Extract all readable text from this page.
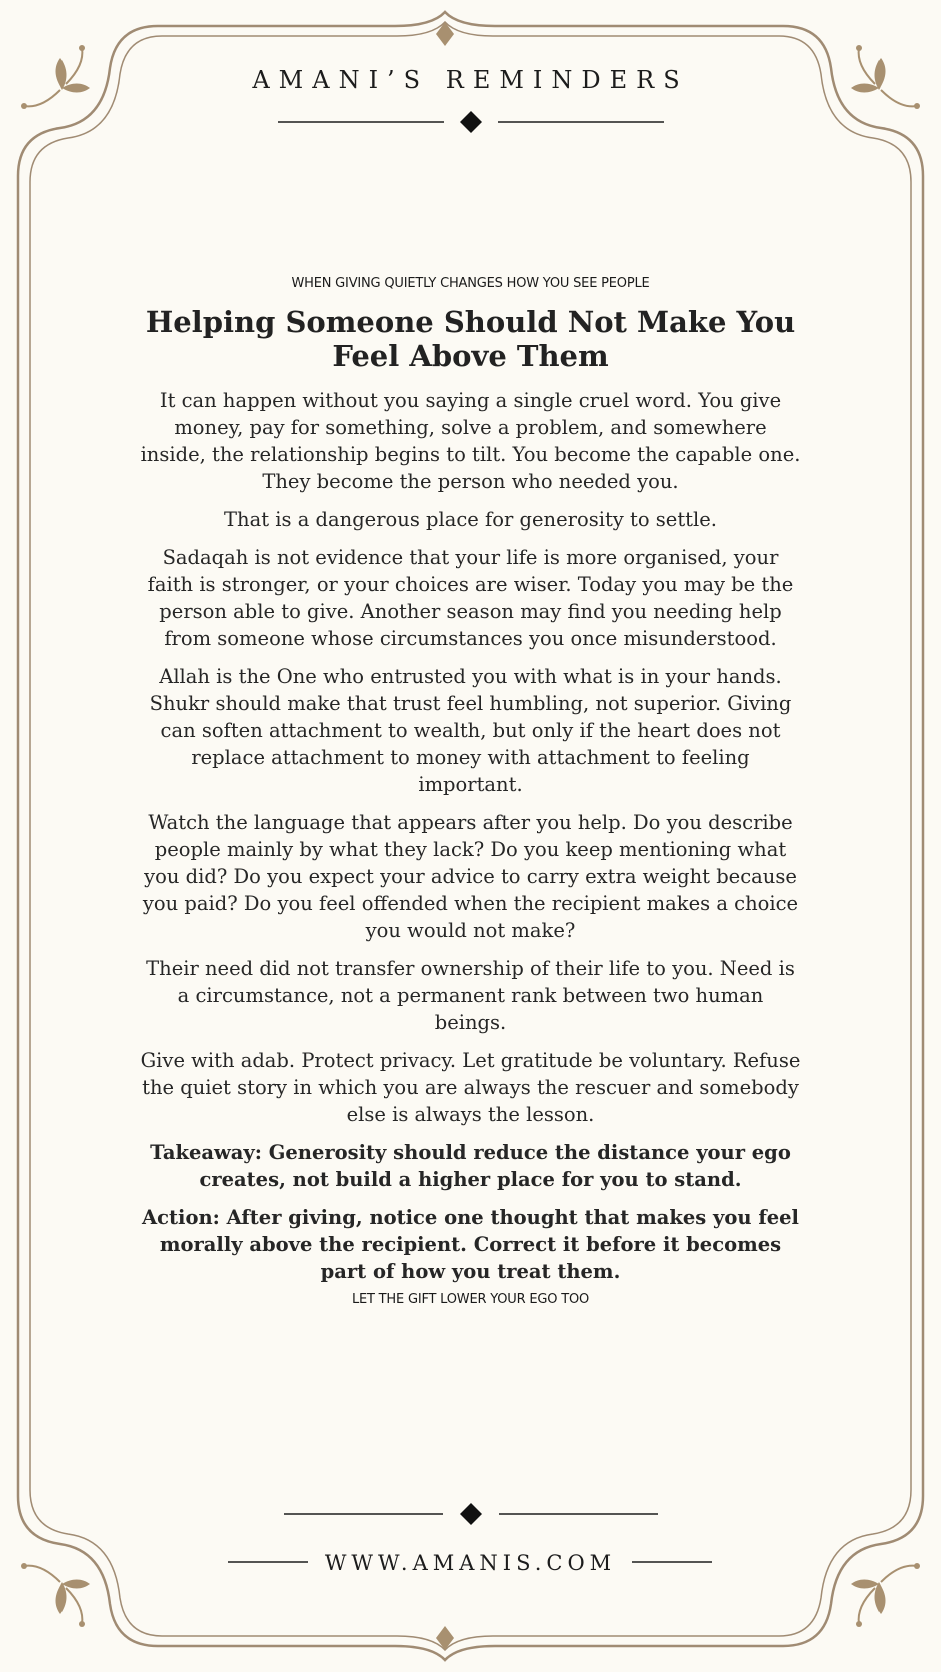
AMANI’S REMINDERS
WHEN GIVING QUIETLY CHANGES HOW YOU SEE PEOPLE
Helping Someone Should Not Make You Feel Above Them

It can happen without you saying a single cruel word. You give money, pay for something, solve a problem, and somewhere inside, the relationship begins to tilt. You become the capable one. They become the person who needed you.

That is a dangerous place for generosity to settle.

Sadaqah is not evidence that your life is more organised, your faith is stronger, or your choices are wiser. Today you may be the person able to give. Another season may find you needing help from someone whose circumstances you once misunderstood.

Allah is the One who entrusted you with what is in your hands. Shukr should make that trust feel humbling, not superior. Giving can soften attachment to wealth, but only if the heart does not replace attachment to money with attachment to feeling important.

Watch the language that appears after you help. Do you describe people mainly by what they lack? Do you keep mentioning what you did? Do you expect your advice to carry extra weight because you paid? Do you feel offended when the recipient makes a choice you would not make?

Their need did not transfer ownership of their life to you. Need is a circumstance, not a permanent rank between two human beings.

Give with adab. Protect privacy. Let gratitude be voluntary. Refuse the quiet story in which you are always the rescuer and somebody else is always the lesson.

Takeaway: Generosity should reduce the distance your ego creates, not build a higher place for you to stand.

Action: After giving, notice one thought that makes you feel morally above the recipient. Correct it before it becomes part of how you treat them.

LET THE GIFT LOWER YOUR EGO TOO
WWW.AMANIS.COM
